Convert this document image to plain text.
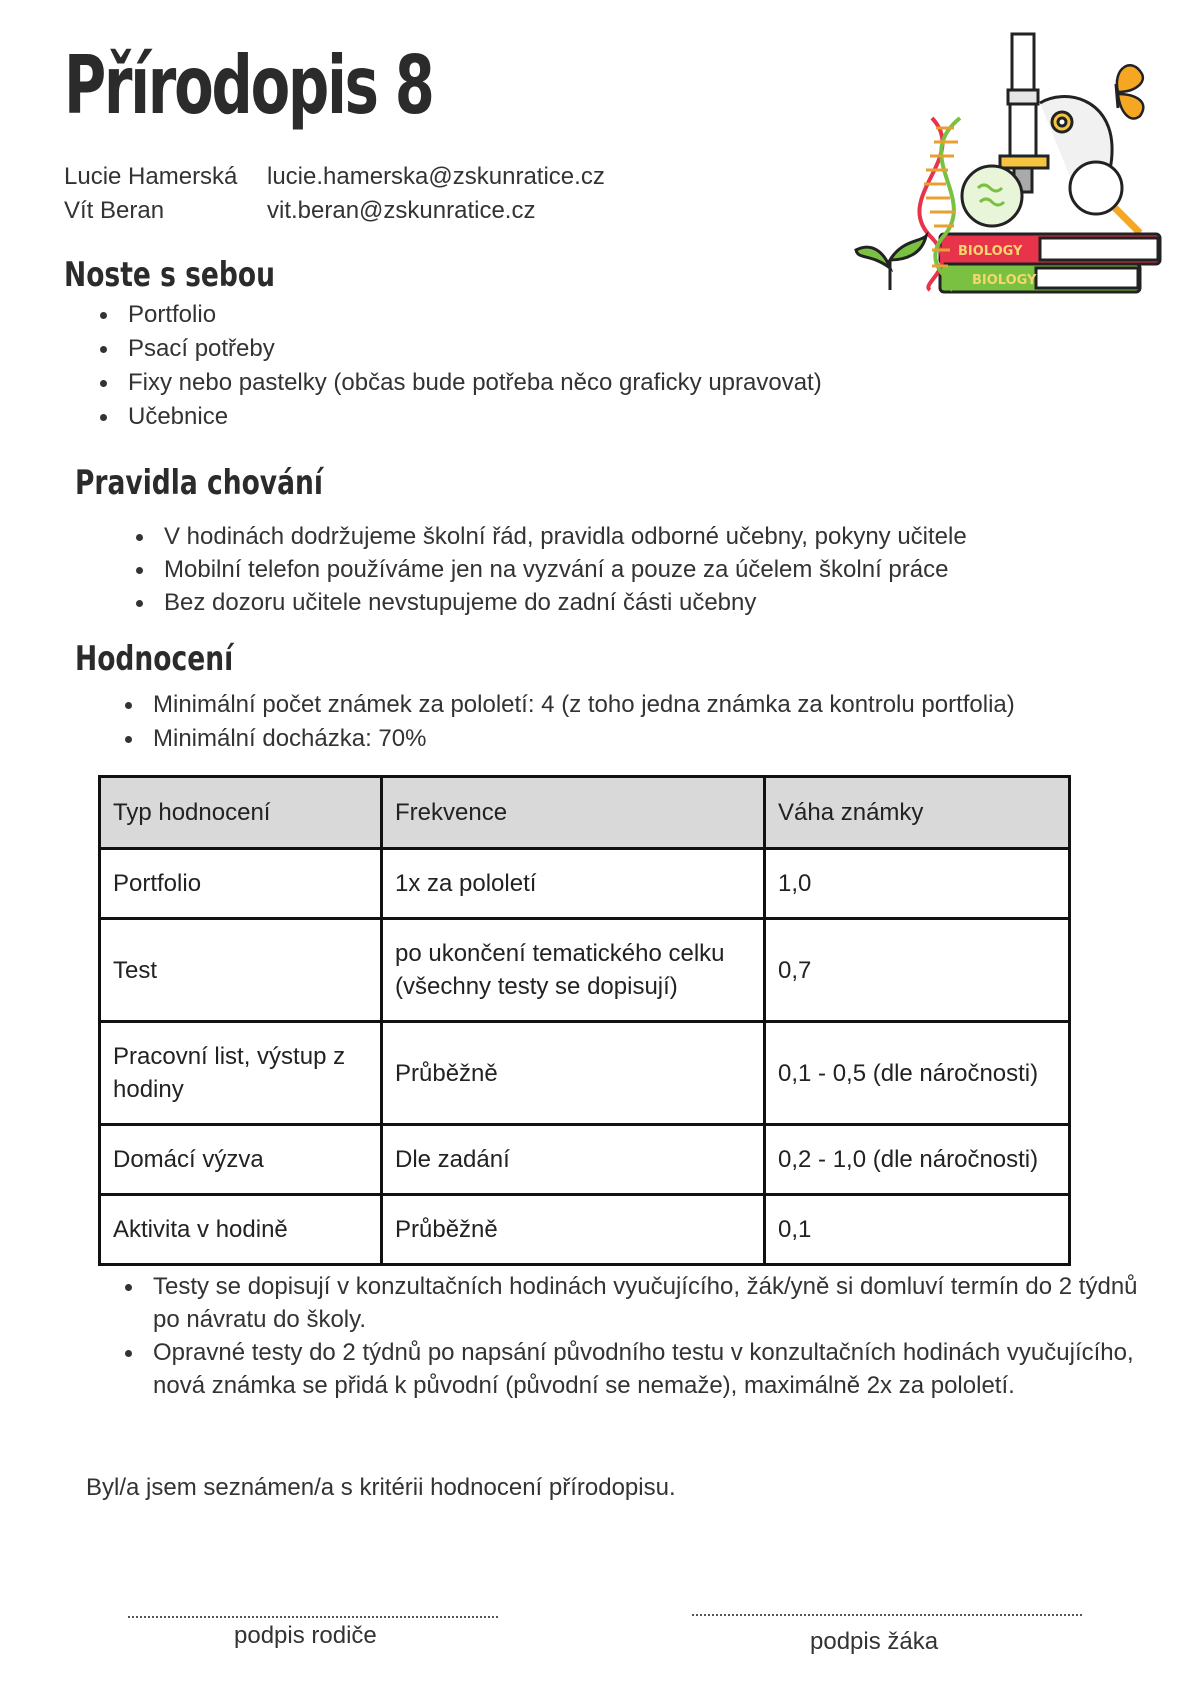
Přírodopis 8
Lucie Hamerská	lucie.hamerska@zskunratice.cz
Vít Beran	vit.beran@zskunratice.cz
BIOLOGY
BIOLOGY
Noste s sebou
Portfolio
Psací potřeby
Fixy nebo pastelky (občas bude potřeba něco graficky upravovat)
Učebnice
Pravidla chování
V hodinách dodržujeme školní řád, pravidla odborné učebny, pokyny učitele
Mobilní telefon používáme jen na vyzvání a pouze za účelem školní práce
Bez dozoru učitele nevstupujeme do zadní části učebny
Hodnocení
Minimální počet známek za pololetí: 4 (z toho jedna známka za kontrolu portfolia)
Minimální docházka: 70%
Typ hodnocení	Frekvence	Váha známky
Portfolio	1x za pololetí	1,0
Test	po ukončení tematického celku (všechny testy se dopisují)	0,7
Pracovní list, výstup z hodiny	Průběžně	0,1 - 0,5 (dle náročnosti)
Domácí výzva	Dle zadání	0,2 - 1,0 (dle náročnosti)
Aktivita v hodině	Průběžně	0,1
Testy se dopisují v konzultačních hodinách vyučujícího, žák/yně si domluví termín do 2 týdnů po návratu do školy.
Opravné testy do 2 týdnů po napsání původního testu v konzultačních hodinách vyučujícího, nová známka se přidá k původní (původní se nemaže), maximálně 2x za pololetí.
Byl/a jsem seznámen/a s kritérii hodnocení přírodopisu.
podpis rodiče	podpis žáka
